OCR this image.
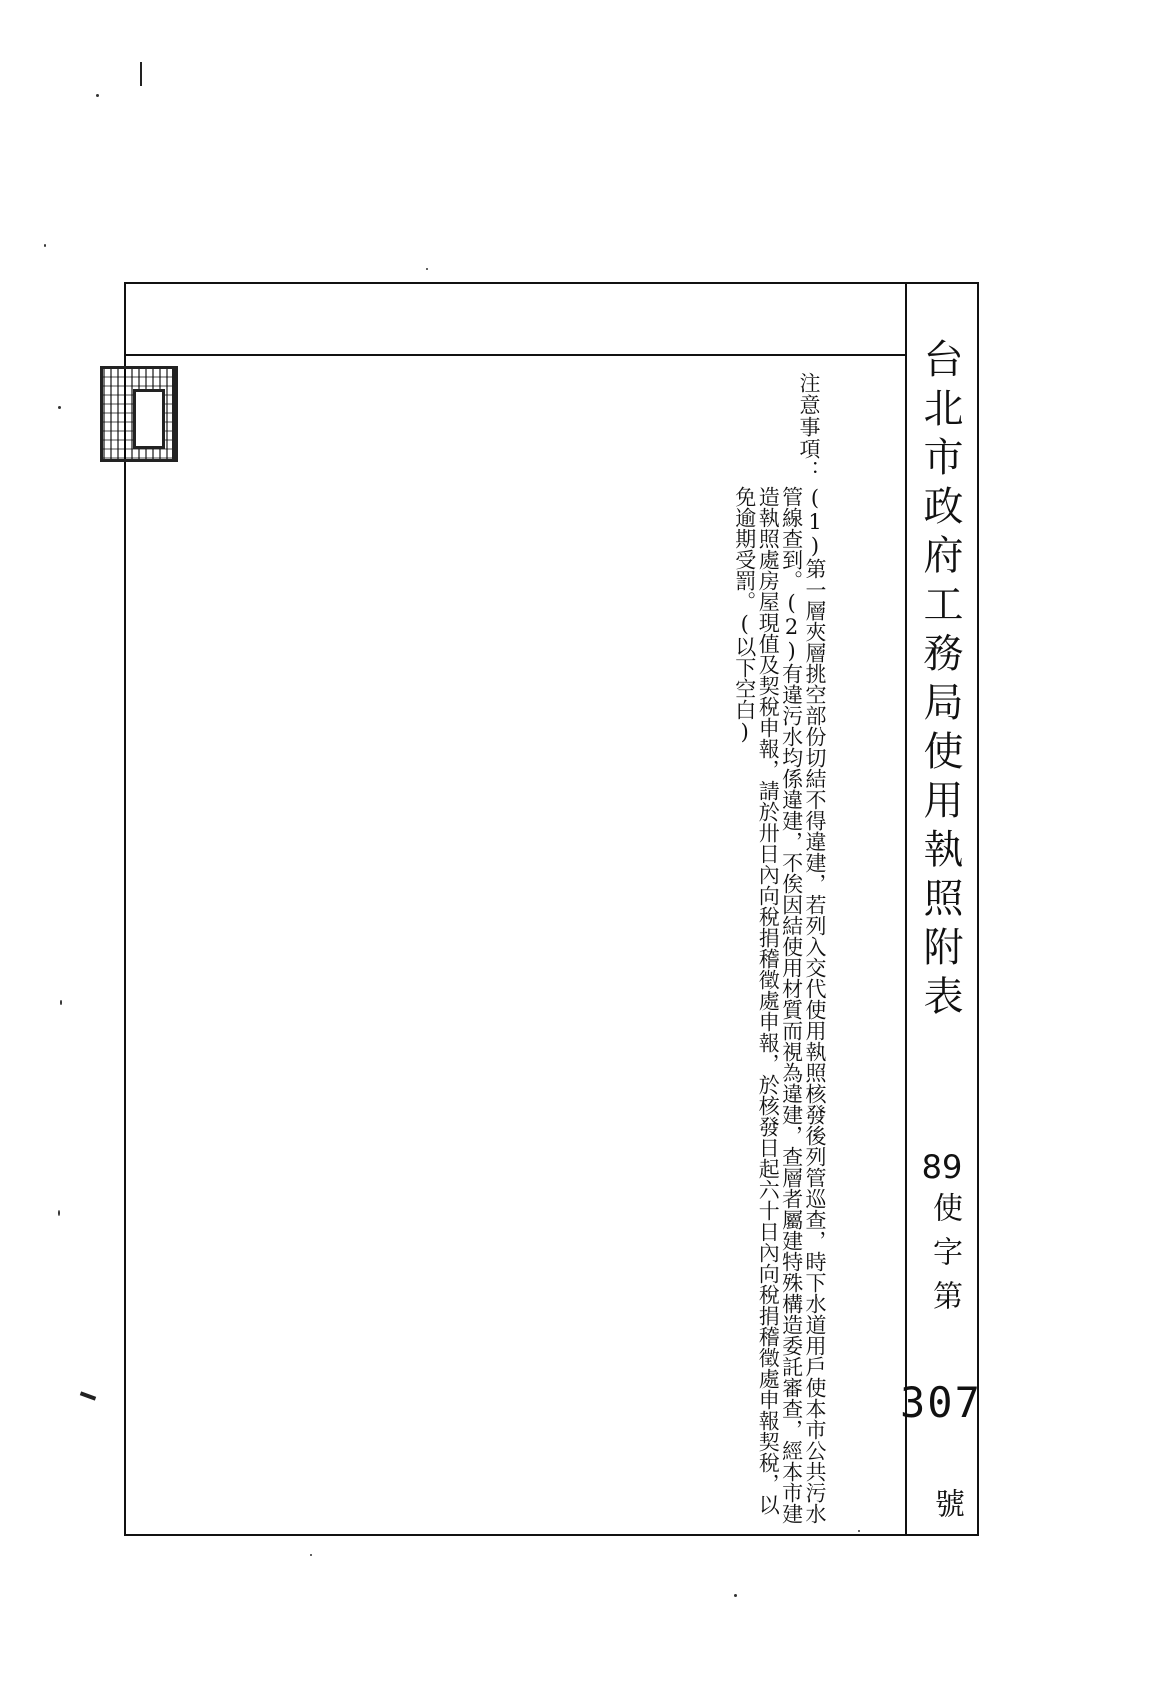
台北市政府工務局使用執照附表
89
使字第
307
號
注意事項：
(1)第一層夾層挑空部份切結不得違建，若列入交代使用執照核發後列管巡查，時下水道用戶使本市公共污水管線查到。(2)有違污水均係違建，不俟因結使用材質而視為違建，查層者屬建特殊構造委託審查，經本市建造執照處房屋現值及契稅申報，請於卅日內向稅捐稽徵處申報，於核發日起六十日內向稅捐稽徵處申報契稅，以免逾期受罰。(以下空白)
